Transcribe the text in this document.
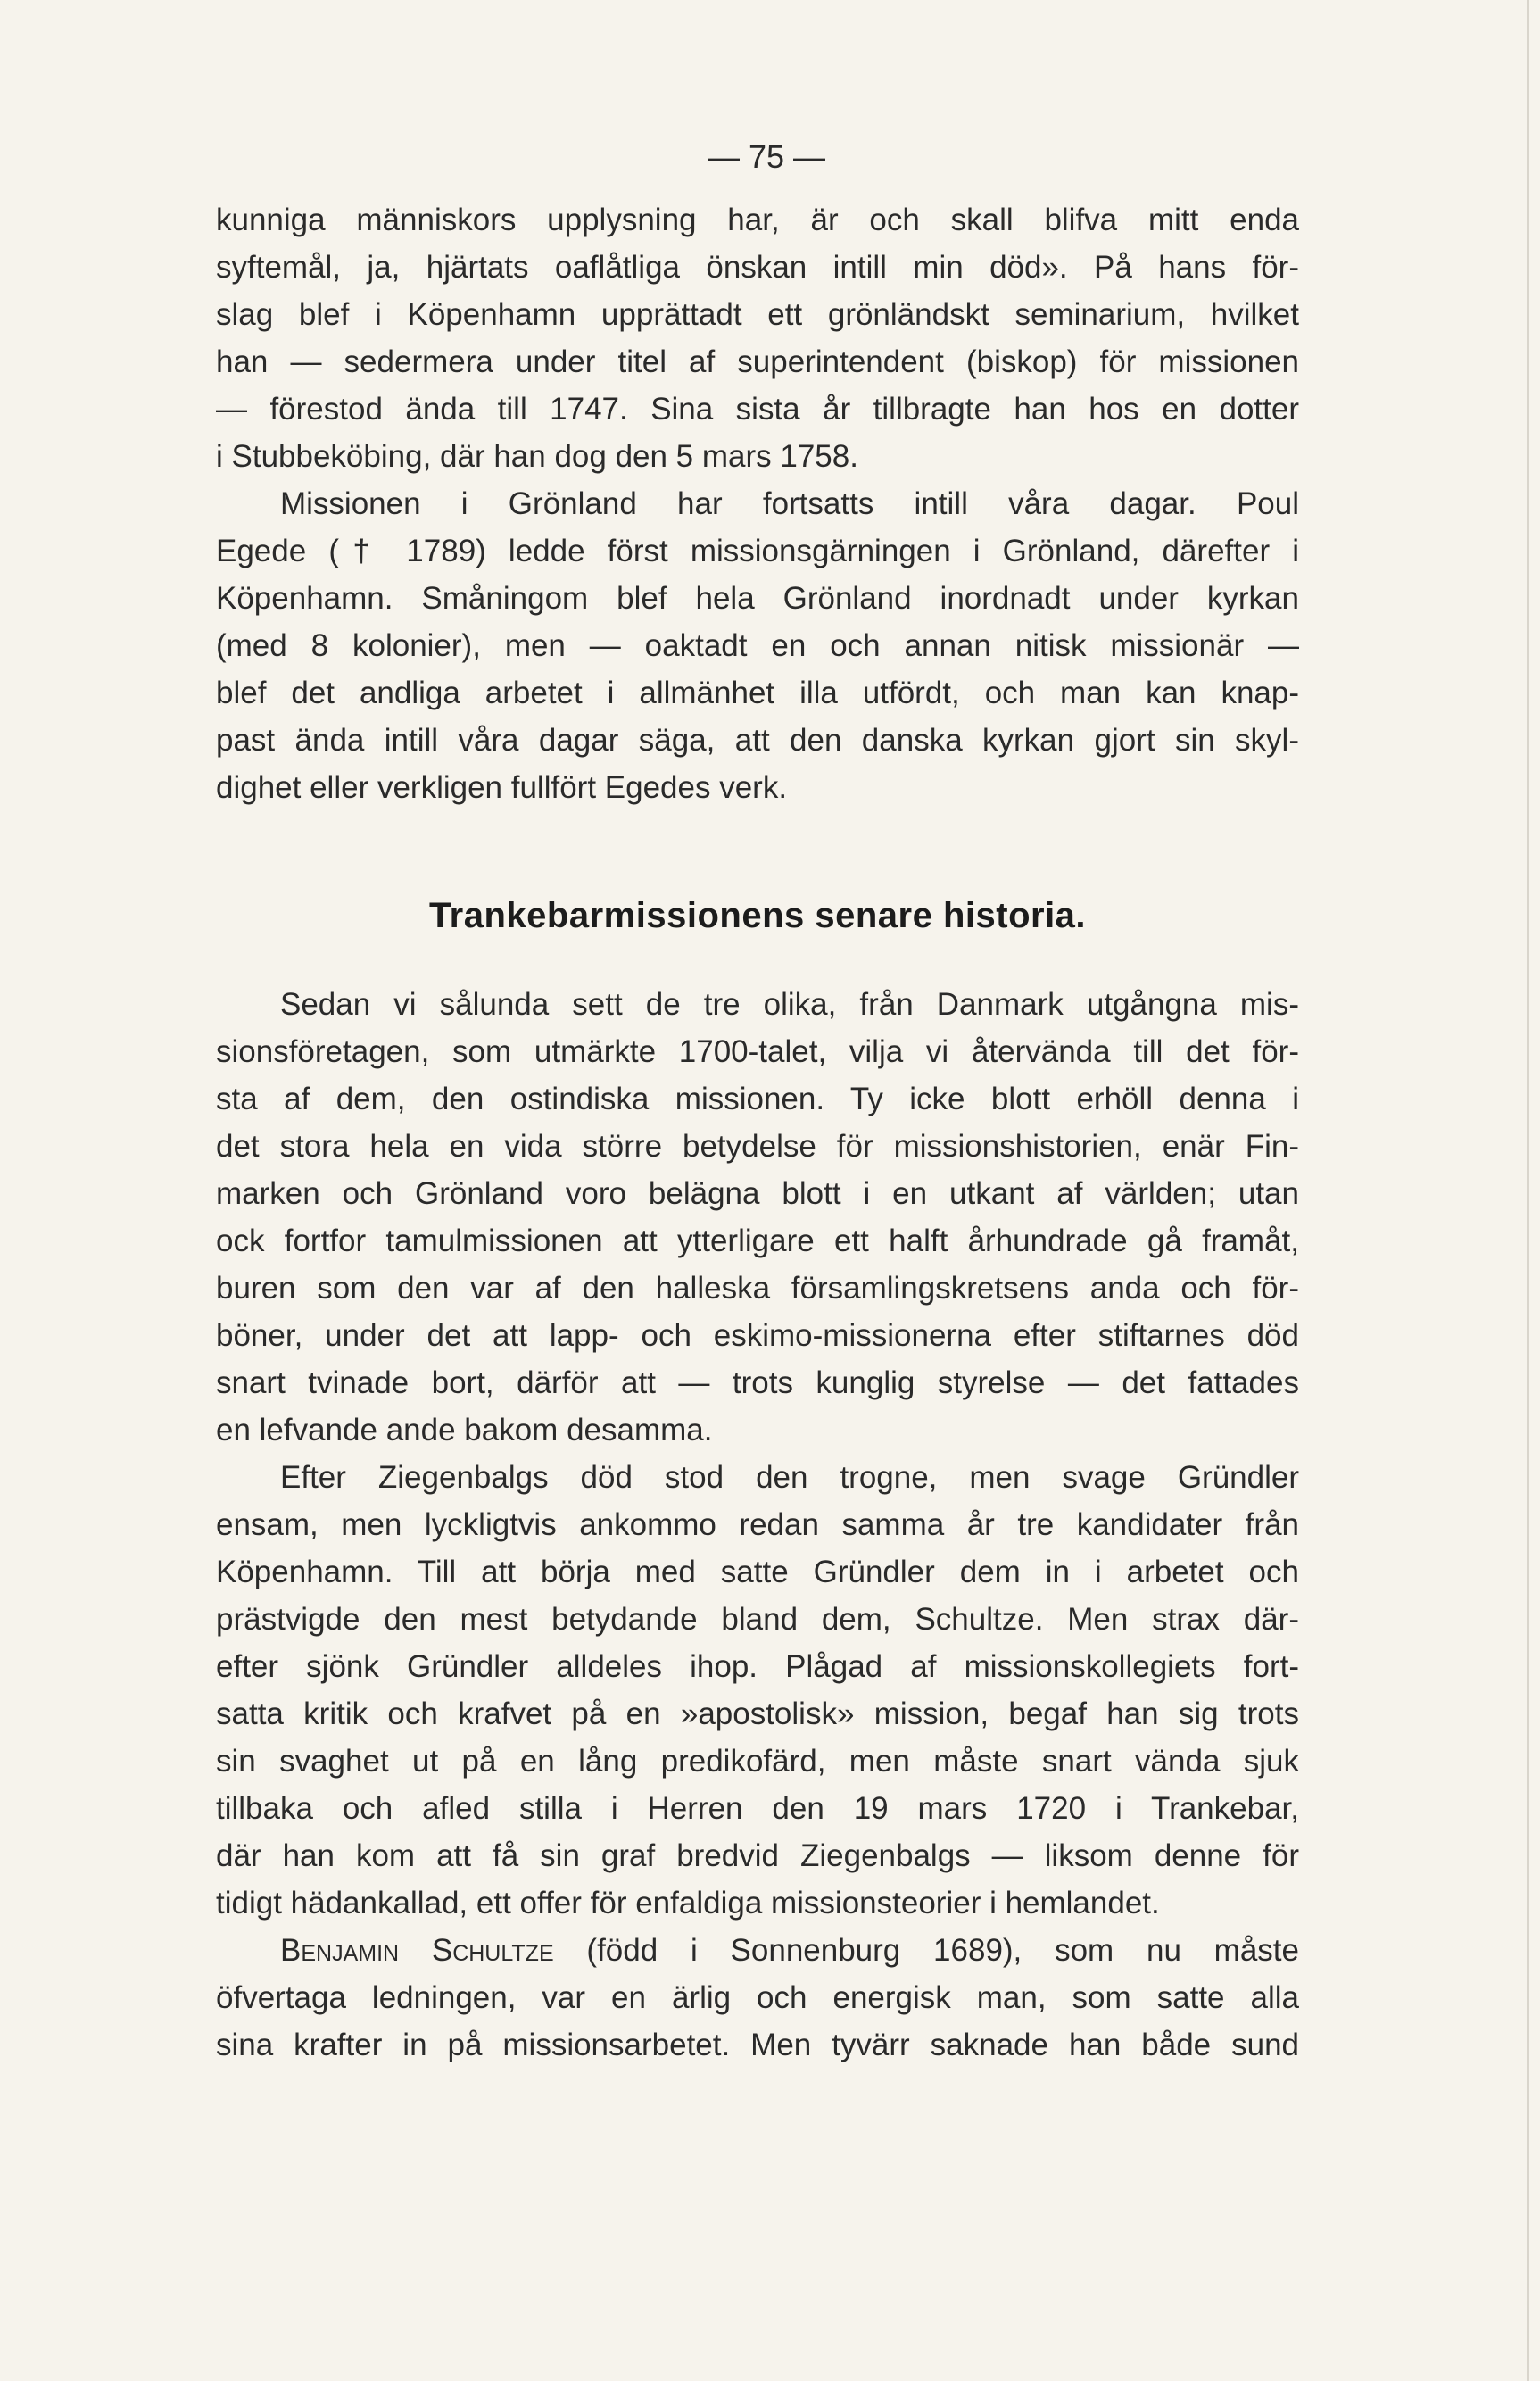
— 75 —
kunniga människors upplysning har, är och skall blifva mitt enda
syftemål, ja, hjärtats oaflåtliga önskan intill min död». På hans för-
slag blef i Köpenhamn upprättadt ett grönländskt seminarium, hvilket
han — sedermera under titel af superintendent (biskop) för missionen
— förestod ända till 1747. Sina sista år tillbragte han hos en dotter
i Stubbeköbing, där han dog den 5 mars 1758.
Missionen i Grönland har fortsatts intill våra dagar. Poul
Egede († 1789) ledde först missionsgärningen i Grönland, därefter i
Köpenhamn. Småningom blef hela Grönland inordnadt under kyrkan
(med 8 kolonier), men — oaktadt en och annan nitisk missionär —
blef det andliga arbetet i allmänhet illa utfördt, och man kan knap-
past ända intill våra dagar säga, att den danska kyrkan gjort sin skyl-
dighet eller verkligen fullfört Egedes verk.
Trankebarmissionens senare historia.
Sedan vi sålunda sett de tre olika, från Danmark utgångna mis-
sionsföretagen, som utmärkte 1700-talet, vilja vi återvända till det för-
sta af dem, den ostindiska missionen. Ty icke blott erhöll denna i
det stora hela en vida större betydelse för missionshistorien, enär Fin-
marken och Grönland voro belägna blott i en utkant af världen; utan
ock fortfor tamulmissionen att ytterligare ett halft århundrade gå framåt,
buren som den var af den halleska församlingskretsens anda och för-
böner, under det att lapp- och eskimo-missionerna efter stiftarnes död
snart tvinade bort, därför att — trots kunglig styrelse — det fattades
en lefvande ande bakom desamma.
Efter Ziegenbalgs död stod den trogne, men svage Gründler
ensam, men lyckligtvis ankommo redan samma år tre kandidater från
Köpenhamn. Till att börja med satte Gründler dem in i arbetet och
prästvigde den mest betydande bland dem, Schultze. Men strax där-
efter sjönk Gründler alldeles ihop. Plågad af missionskollegiets fort-
satta kritik och krafvet på en »apostolisk» mission, begaf han sig trots
sin svaghet ut på en lång predikofärd, men måste snart vända sjuk
tillbaka och afled stilla i Herren den 19 mars 1720 i Trankebar,
där han kom att få sin graf bredvid Ziegenbalgs — liksom denne för
tidigt hädankallad, ett offer för enfaldiga missionsteorier i hemlandet.
Benjamin Schultze (född i Sonnenburg 1689), som nu måste
öfvertaga ledningen, var en ärlig och energisk man, som satte alla
sina krafter in på missionsarbetet. Men tyvärr saknade han både sund
